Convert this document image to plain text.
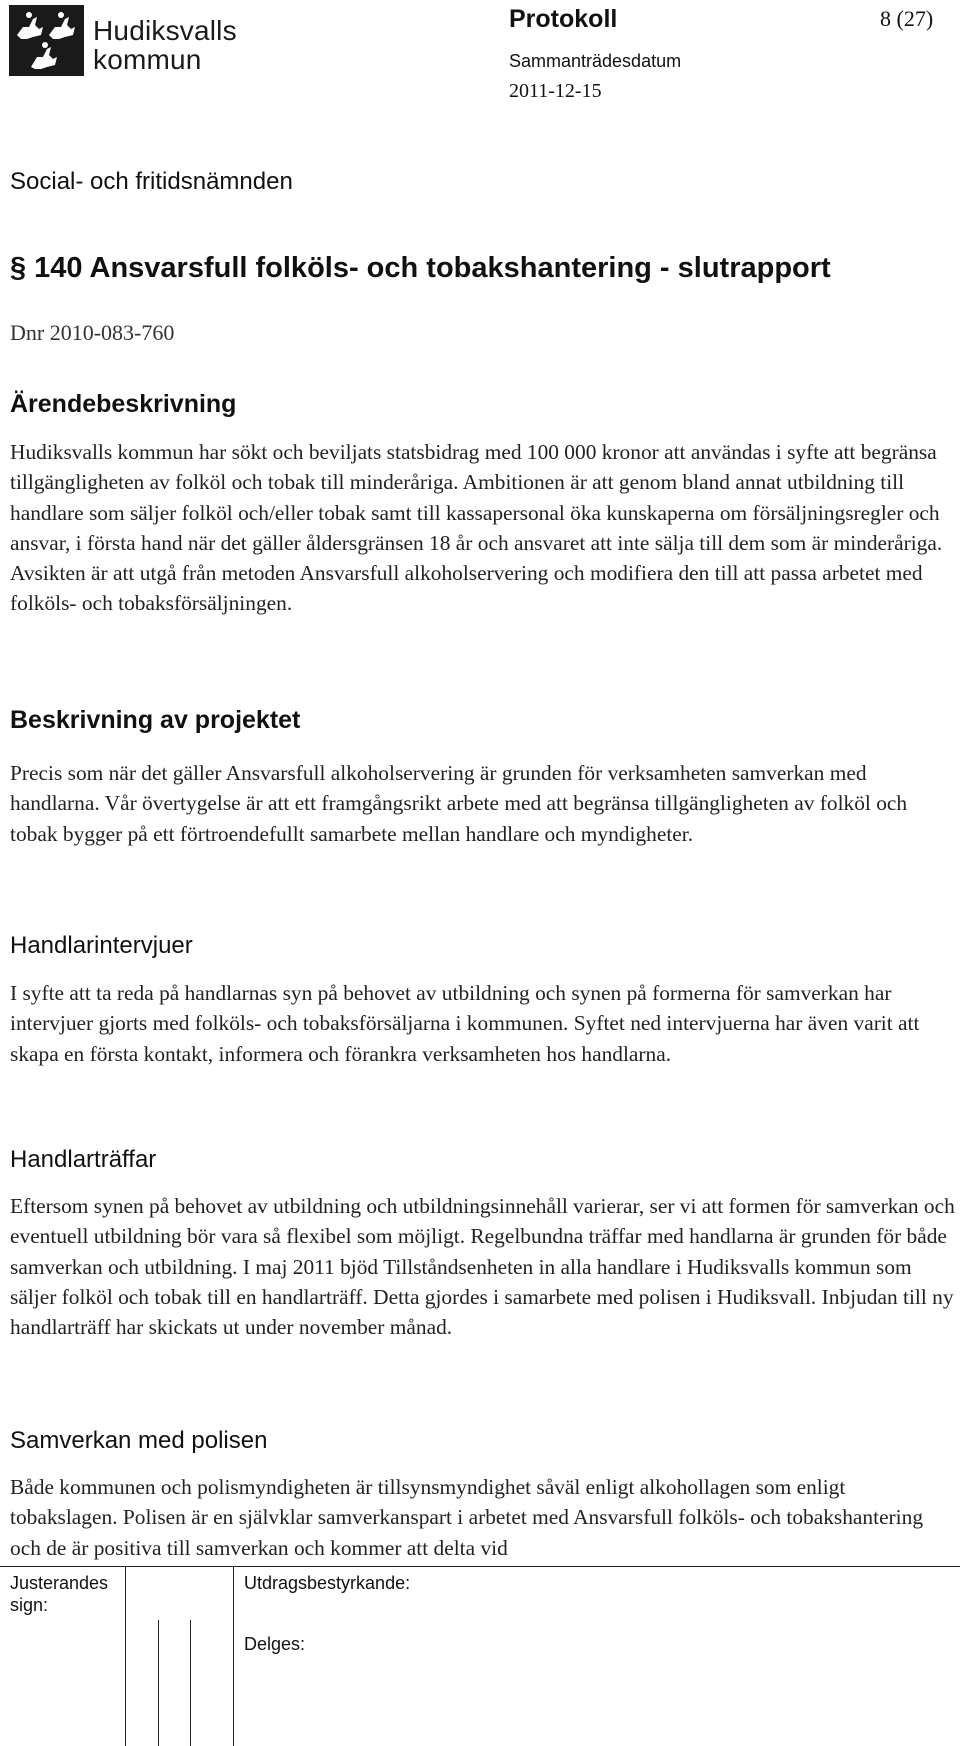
Hudiksvalls
kommun
Protokoll	8 (27)
Sammanträdesdatum
2011-12-15
Social- och fritidsnämnden
§ 140 Ansvarsfull folköls- och tobakshantering - slutrapport
Dnr 2010-083-760
Ärendebeskrivning

Hudiksvalls kommun har sökt och beviljats statsbidrag med 100 000 kronor att användas i syfte att begränsa tillgängligheten av folköl och tobak till minderåriga. Ambitionen är att genom bland annat utbildning till handlare som säljer folköl och/eller tobak samt till kassapersonal öka kunskaperna om försäljningsregler och ansvar, i första hand när det gäller åldersgränsen 18 år och ansvaret att inte sälja till dem som är minderåriga. Avsikten är att utgå från metoden Ansvarsfull alkoholservering och modifiera den till att passa arbetet med folköls- och tobaksförsäljningen.

Beskrivning av projektet

Precis som när det gäller Ansvarsfull alkoholservering är grunden för verksamheten samverkan med handlarna. Vår övertygelse är att ett framgångsrikt arbete med att begränsa tillgängligheten av folköl och tobak bygger på ett förtroendefullt samarbete mellan handlare och myndigheter.

Handlarintervjuer

I syfte att ta reda på handlarnas syn på behovet av utbildning och synen på formerna för samverkan har intervjuer gjorts med folköls- och tobaksförsäljarna i kommunen. Syftet ned intervjuerna har även varit att skapa en första kontakt, informera och förankra verksamheten hos handlarna.

Handlarträffar

Eftersom synen på behovet av utbildning och utbildningsinnehåll varierar, ser vi att formen för samverkan och eventuell utbildning bör vara så flexibel som möjligt. Regelbundna träffar med handlarna är grunden för både samverkan och utbildning. I maj 2011 bjöd Tillståndsenheten in alla handlare i Hudiksvalls kommun som säljer folköl och tobak till en handlarträff. Detta gjordes i samarbete med polisen i Hudiksvall. Inbjudan till ny handlarträff har skickats ut under november månad.

Samverkan med polisen

Både kommunen och polismyndigheten är tillsynsmyndighet såväl enligt alkohollagen som enligt tobakslagen. Polisen är en självklar samverkanspart i arbetet med Ansvarsfull folköls- och tobakshantering och de är positiva till samverkan och kommer att delta vid

Justerandes sign:
Utdragsbestyrkande:
Delges:
